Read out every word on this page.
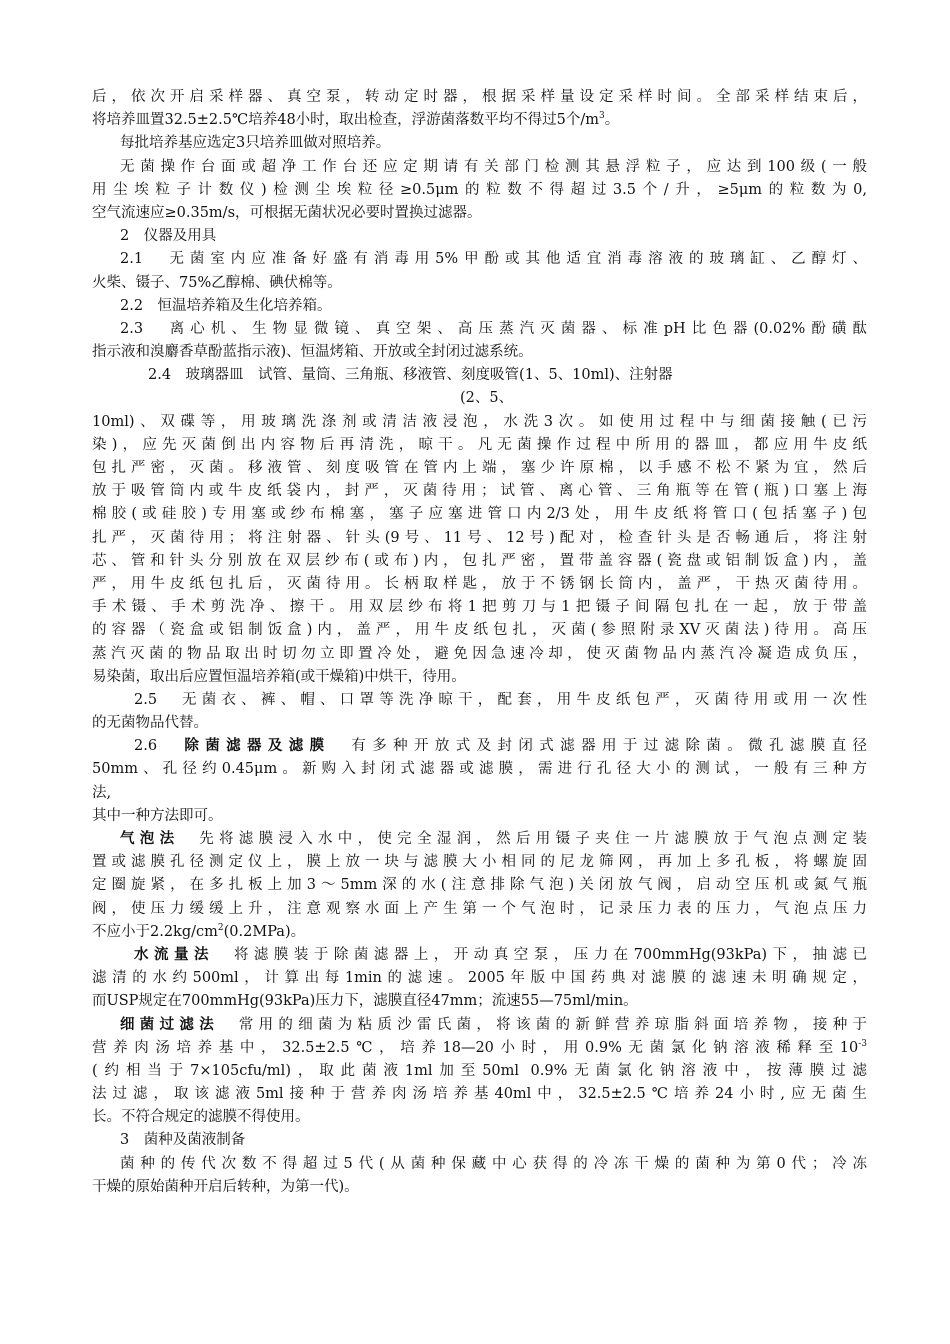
后，依次开启采样器、真空泵，转动定时器，根据采样量设定采样时间。全部采样结束后，
将培养皿置32.5±2.5℃培养48小时，取出检查，浮游菌落数平均不得过5个$/m^3$。
每批培养基应选定3只培养皿做对照培养。
无菌操作台面或超净工作台还应定期请有关部门检测其悬浮粒子，应达到100级(一般
用尘埃粒子计数仪)检测尘埃粒径≥0.5μm的粒数不得超过3.5个/升，≥5μm的粒数为0,
空气流速应≥0.35m/s，可根据无菌状况必要时置换过滤器。
2　仪器及用具
2.1　无菌室内应准备好盛有消毒用5%甲酚或其他适宜消毒溶液的玻璃缸、乙醇灯、
火柴、镊子、75%乙醇棉、碘伏棉等。
2.2　恒温培养箱及生化培养箱。
2.3　离心机、生物显微镜、真空架、高压蒸汽灭菌器、标准pH比色器(0.02%酚磺酞
指示液和溴麝香草酚蓝指示液)、恒温烤箱、开放或全封闭过滤系统。
2.4　玻璃器皿　试管、量筒、三角瓶、移液管、刻度吸管(1、5、10ml)、注射器
(2、5、
10ml)、双碟等，用玻璃洗涤剂或清洁液浸泡，水洗3次。如使用过程中与细菌接触(已污
染)，应先灭菌倒出内容物后再清洗，晾干。凡无菌操作过程中所用的器皿，都应用牛皮纸
包扎严密，灭菌。移液管、刻度吸管在管内上端，塞少许原棉，以手感不松不紧为宜，然后
放于吸管筒内或牛皮纸袋内，封严，灭菌待用；试管、离心管、三角瓶等在管(瓶)口塞上海
棉胶(或硅胶)专用塞或纱布棉塞，塞子应塞进管口内2/3处，用牛皮纸将管口(包括塞子)包
扎严，灭菌待用；将注射器、针头(9号、11号、12号)配对，检查针头是否畅通后，将注射
芯、管和针头分别放在双层纱布(或布)内，包扎严密，置带盖容器(瓷盘或铝制饭盒)内，盖
严，用牛皮纸包扎后，灭菌待用。长柄取样匙，放于不锈钢长筒内，盖严，干热灭菌待用。
手术镊、手术剪洗净、擦干。用双层纱布将1把剪刀与1把镊子间隔包扎在一起，放于带盖
的容器（瓷盒或铝制饭盒)内，盖严，用牛皮纸包扎，灭菌(参照附录XV灭菌法)待用。高压
蒸汽灭菌的物品取出时切勿立即置冷处，避免因急速冷却，使灭菌物品内蒸汽冷凝造成负压，
易染菌，取出后应置恒温培养箱(或干燥箱)中烘干，待用。
2.5　无菌衣、裤、帽、口罩等洗净晾干，配套，用牛皮纸包严，灭菌待用或用一次性
的无菌物品代替。
2.6　除菌滤器及滤膜　有多种开放式及封闭式滤器用于过滤除菌。微孔滤膜直径
50mm、孔径约0.45μm。新购入封闭式滤器或滤膜，需进行孔径大小的测试，一般有三种方
法,
其中一种方法即可。
气泡法　先将滤膜浸入水中，使完全湿润，然后用镊子夹住一片滤膜放于气泡点测定装
置或滤膜孔径测定仪上，膜上放一块与滤膜大小相同的尼龙筛网，再加上多孔板，将螺旋固
定圈旋紧，在多扎板上加3～5mm深的水(注意排除气泡)关闭放气阀，启动空压机或氮气瓶
阀，使压力缓缓上升，注意观察水面上产生第一个气泡时，记录压力表的压力，气泡点压力
不应小于$2.2kg/cm^2(0.2MPa)$。
水流量法　将滤膜装于除菌滤器上，开动真空泵，压力在700mmHg(93kPa)下，抽滤已
滤清的水约500ml，计算出每1min的滤速。2005年版中国药典对滤膜的滤速未明确规定，
而USP规定在700mmHg(93kPa)压力下，滤膜直径47mm；流速55—75ml/min。
细菌过滤法　常用的细菌为粘质沙雷氏菌，将该菌的新鲜营养琼脂斜面培养物，接种于
营养肉汤培养基中，32.5±2.5℃，培养18—20小时，用0.9%无菌氯化钠溶液稀释至$10^{-3}$
(约相当于7×105cfu/ml)，取此菌液1ml加至50ml 0.9%无菌氯化钠溶液中，按薄膜过滤
法过滤，取该滤液5ml接种于营养肉汤培养基40ml中，32.5±2.5℃培养24小时,应无菌生
长。不符合规定的滤膜不得使用。
3　菌种及菌液制备
菌种的传代次数不得超过5代(从菌种保藏中心获得的冷冻干燥的菌种为第0代；冷冻
干燥的原始菌种开启后转种，为第一代)。
